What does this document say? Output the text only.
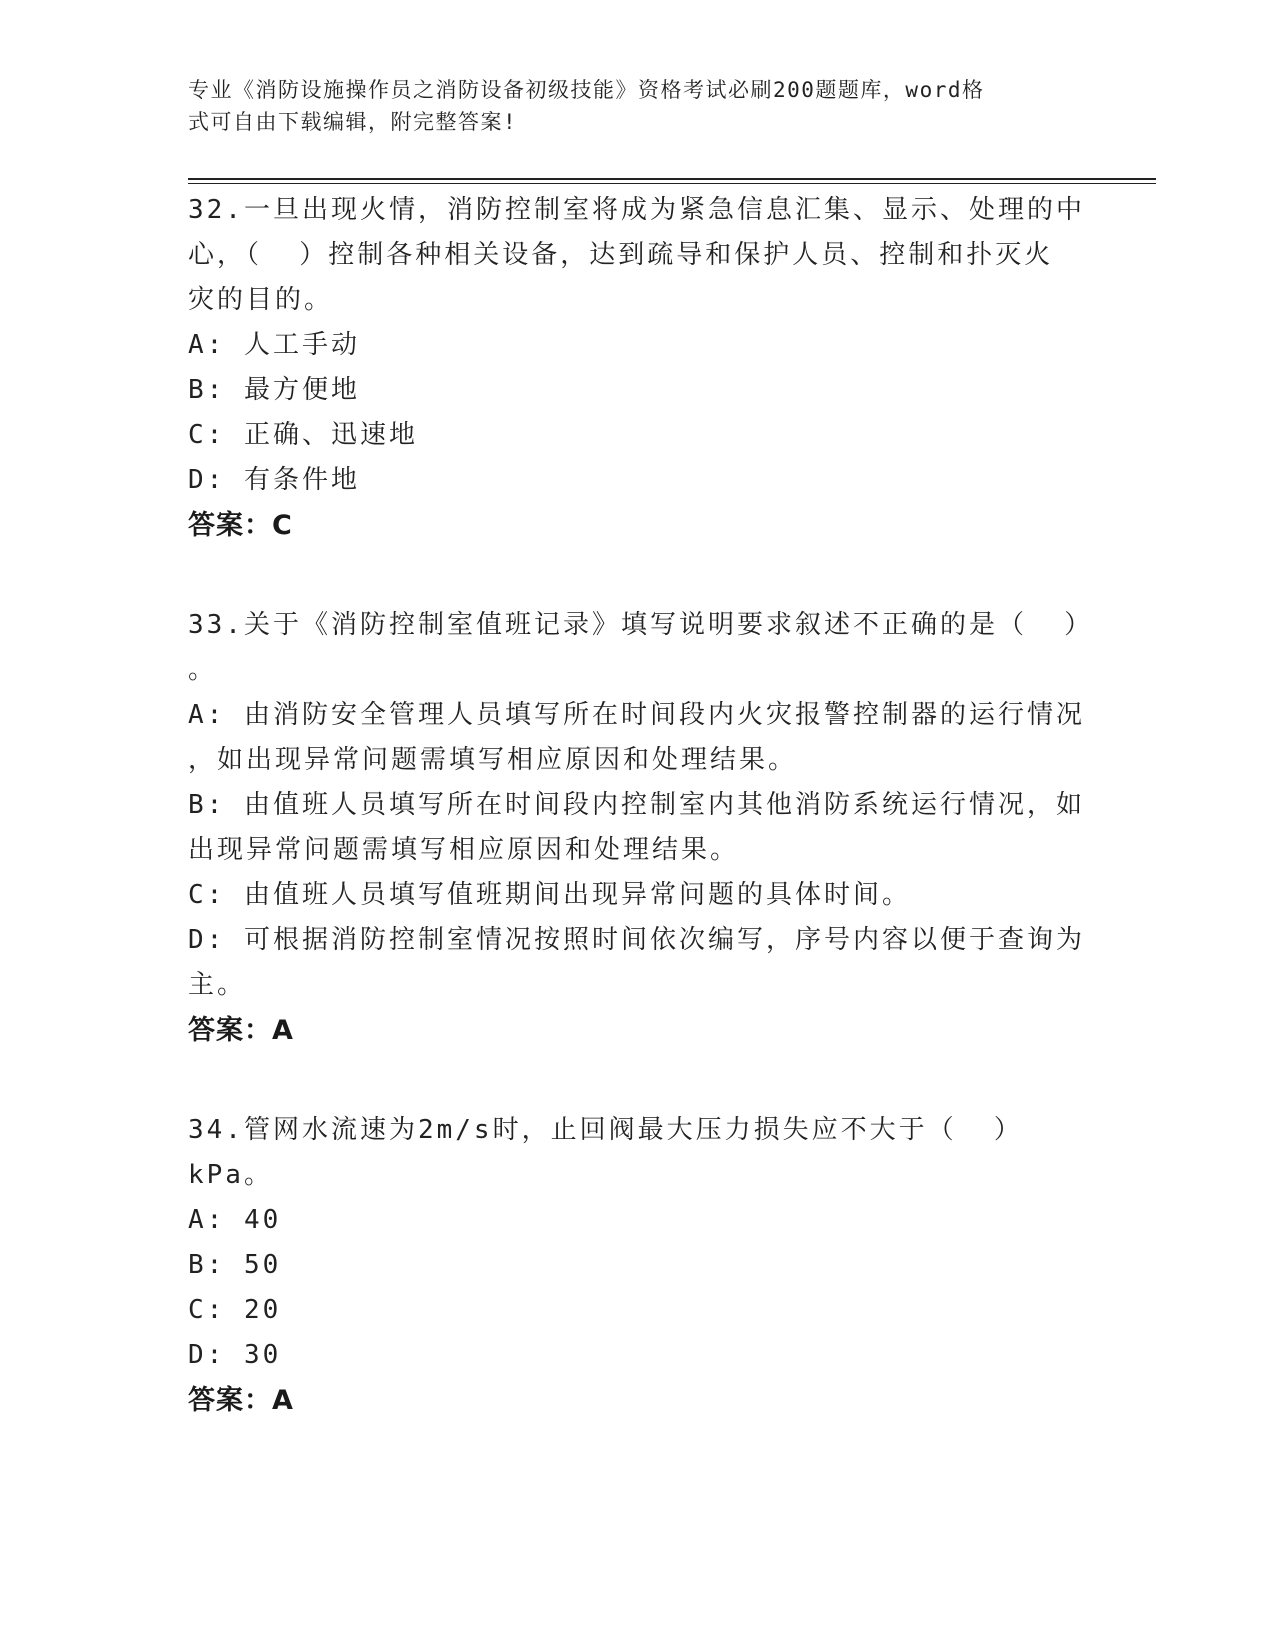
专业《消防设施操作员之消防设备初级技能》资格考试必刷200题题库，word格
式可自由下载编辑，附完整答案!
32.一旦出现火情，消防控制室将成为紧急信息汇集、显示、处理的中
心，（  ）控制各种相关设备，达到疏导和保护人员、控制和扑灭火
灾的目的。
A: 人工手动
B: 最方便地
C: 正确、迅速地
D: 有条件地
答案：C
33.关于《消防控制室值班记录》填写说明要求叙述不正确的是（  ）
。
A: 由消防安全管理人员填写所在时间段内火灾报警控制器的运行情况
，如出现异常问题需填写相应原因和处理结果。
B: 由值班人员填写所在时间段内控制室内其他消防系统运行情况，如
出现异常问题需填写相应原因和处理结果。
C: 由值班人员填写值班期间出现异常问题的具体时间。
D: 可根据消防控制室情况按照时间依次编写，序号内容以便于查询为
主。
答案：A
34.管网水流速为2m/s时，止回阀最大压力损失应不大于（  ）kPa。
A: 40
B: 50
C: 20
D: 30
答案：A
